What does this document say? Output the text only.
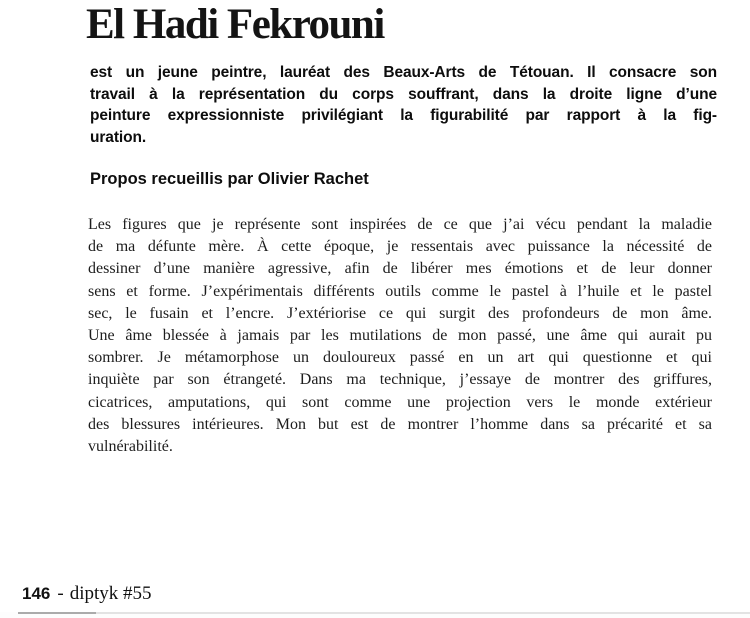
El Hadi Fekrouni
est un jeune peintre, lauréat des Beaux-Arts de Tétouan. Il consacre son
travail à la représentation du corps souffrant, dans la droite ligne d’une
peinture expressionniste privilégiant la figurabilité par rapport à la fig-
uration.
Propos recueillis par Olivier Rachet
Les figures que je représente sont inspirées de ce que j’ai vécu pendant la maladie
de ma défunte mère. À cette époque, je ressentais avec puissance la nécessité de
dessiner d’une manière agressive, afin de libérer mes émotions et de leur donner
sens et forme. J’expérimentais différents outils comme le pastel à l’huile et le pastel
sec, le fusain et l’encre. J’extériorise ce qui surgit des profondeurs de mon âme.
Une âme blessée à jamais par les mutilations de mon passé, une âme qui aurait pu
sombrer. Je métamorphose un douloureux passé en un art qui questionne et qui
inquiète par son étrangeté. Dans ma technique, j’essaye de montrer des griffures,
cicatrices, amputations, qui sont comme une projection vers le monde extérieur
des blessures intérieures. Mon but est de montrer l’homme dans sa précarité et sa
vulnérabilité.
146 - diptyk #55
